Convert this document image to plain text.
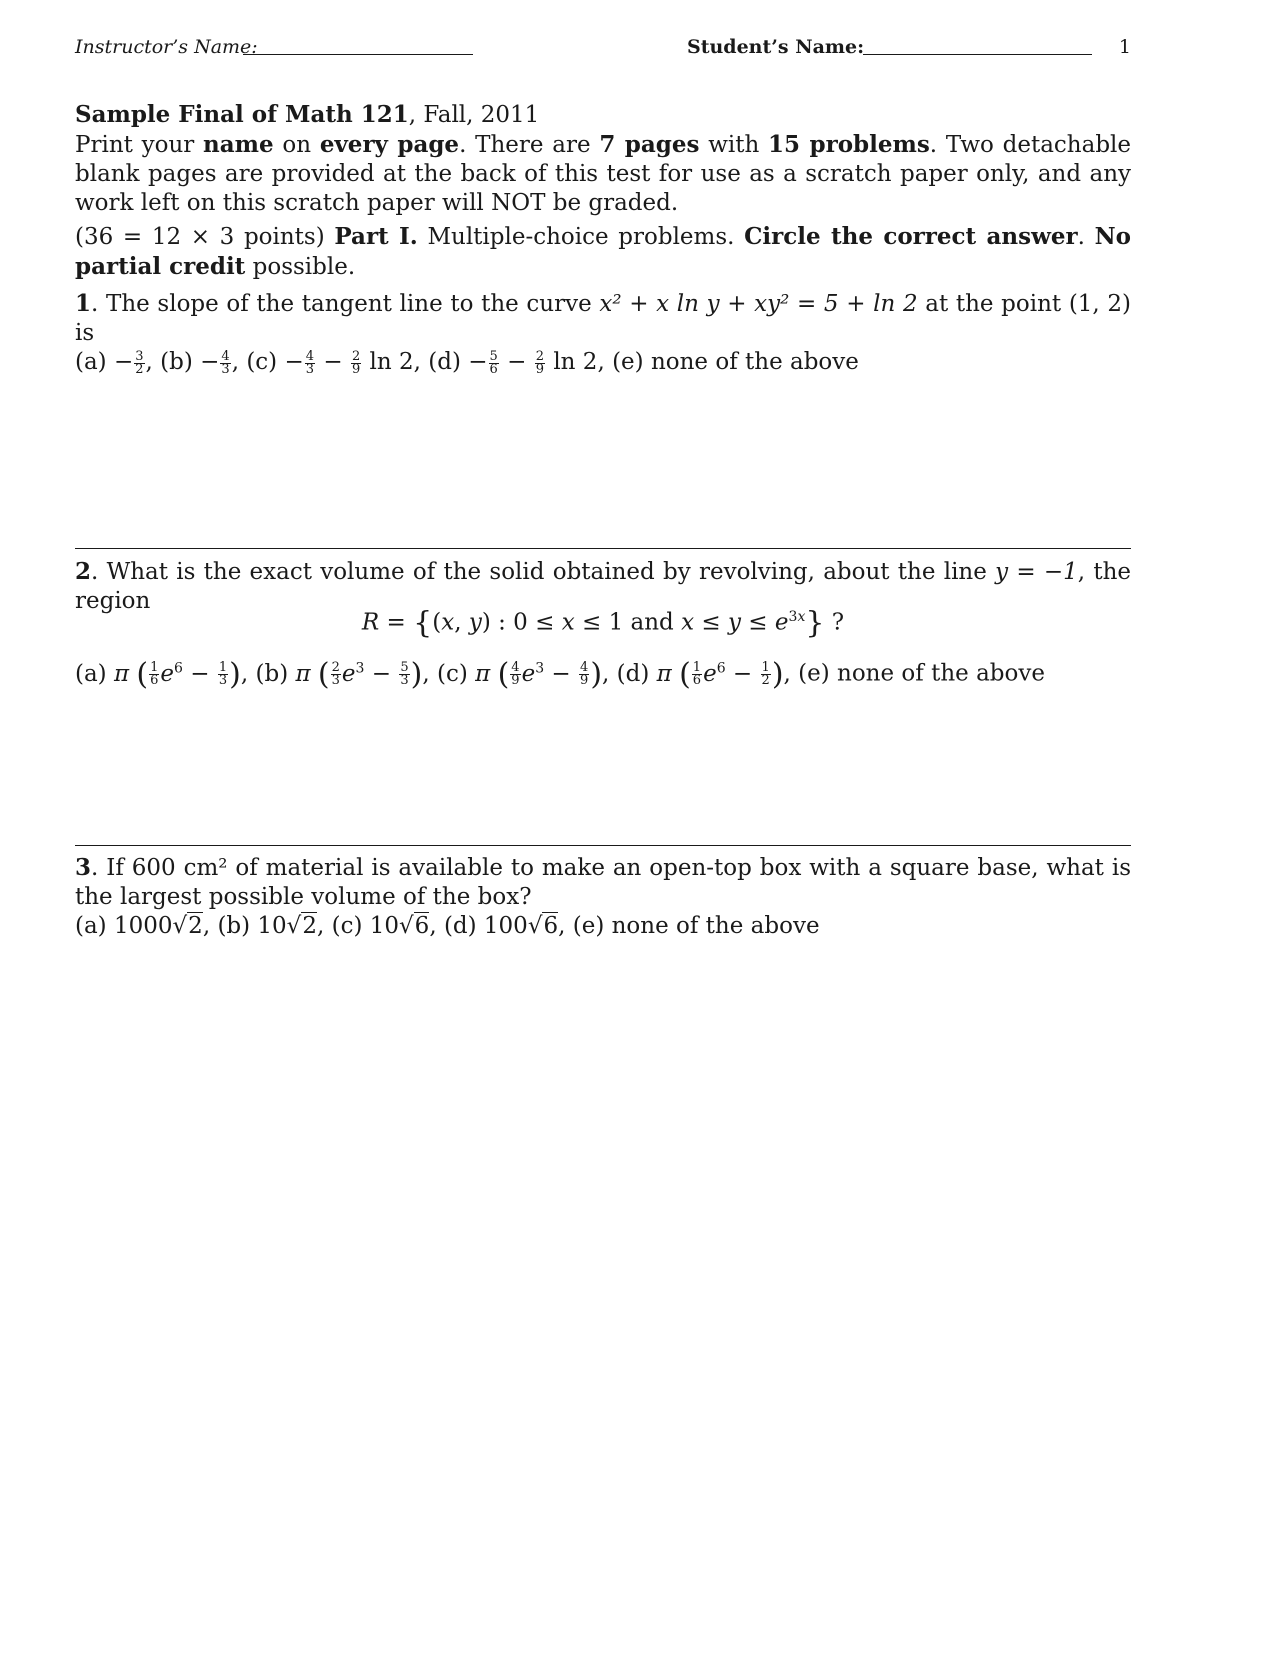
Instructor’s Name:	Student’s Name:	1

Sample Final of Math 121, Fall, 2011

Print your name on every page. There are 7 pages with 15 problems. Two detachable blank pages are provided at the back of this test for use as a scratch paper only, and any work left on this scratch paper will NOT be graded.

(36 = 12 × 3 points) Part I. Multiple-choice problems. Circle the correct answer. No partial credit possible.

1. The slope of the tangent line to the curve x² + x ln y + xy² = 5 + ln 2 at the point (1, 2) is

$(a) - \frac{3}{2}$ , $(b) - \frac{4}{3}$ , $(c) - \frac{4}{3} - \frac{2}{9}$ ln 2, $(d) - \frac{5}{6} - \frac{2}{9}$ ln 2, (e) none of the above

2. What is the exact volume of the solid obtained by revolving, about the line y = −1, the region

R = {(x, y) : 0 ≤ x ≤ 1 and $x \le y \le e^{3x}$} ?

(a) π ( $\frac{1}{6} e^6 - \frac{1}{3}$ ), (b) π ( $\frac{2}{3} e^3 - \frac{5}{3}$ ), (c) π ( $\frac{4}{9} e^3 - \frac{4}{9}$ ), (d) π ( $\frac{1}{6} e^6 - \frac{1}{2}$ ), (e) none of the above

3. If 600 cm² of material is available to make an open-top box with a square base, what is the largest possible volume of the box?

(a) 1000√2, (b) 10√2, (c) 10√6, (d) 100√6, (e) none of the above
